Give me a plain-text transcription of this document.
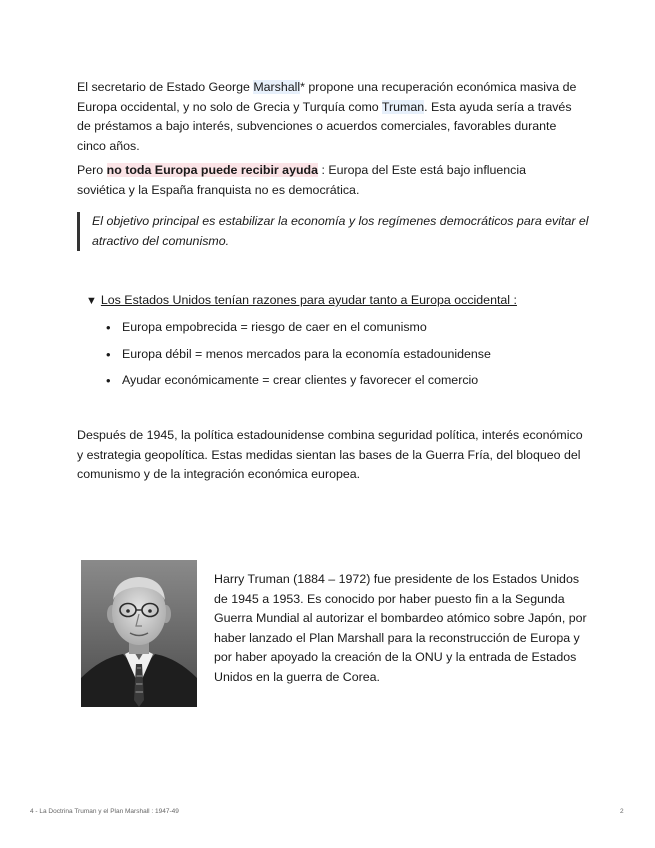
El secretario de Estado George Marshall* propone una recuperación económica masiva de Europa occidental, y no solo de Grecia y Turquía como Truman. Esta ayuda sería a través de préstamos a bajo interés, subvenciones o acuerdos comerciales, favorables durante cinco años.

Pero no toda Europa puede recibir ayuda : Europa del Este está bajo influencia soviética y la España franquista no es democrática.

El objetivo principal es estabilizar la economía y los regímenes democráticos para evitar el atractivo del comunismo.
▼ Los Estados Unidos tenían razones para ayudar tanto a Europa occidental :
• Europa empobrecida = riesgo de caer en el comunismo
• Europa débil = menos mercados para la economía estadounidense
• Ayudar económicamente = crear clientes y favorecer el comercio

Después de 1945, la política estadounidense combina seguridad política, interés económico y estrategia geopolítica. Estas medidas sientan las bases de la Guerra Fría, del bloqueo del comunismo y de la integración económica europea.

Harry Truman (1884 – 1972) fue presidente de los Estados Unidos de 1945 a 1953. Es conocido por haber puesto fin a la Segunda Guerra Mundial al autorizar el bombardeo atómico sobre Japón, por haber lanzado el Plan Marshall para la reconstrucción de Europa y por haber apoyado la creación de la ONU y la entrada de Estados Unidos en la guerra de Corea.

4 - La Doctrina Truman y el Plan Marshall : 1947-49	2
